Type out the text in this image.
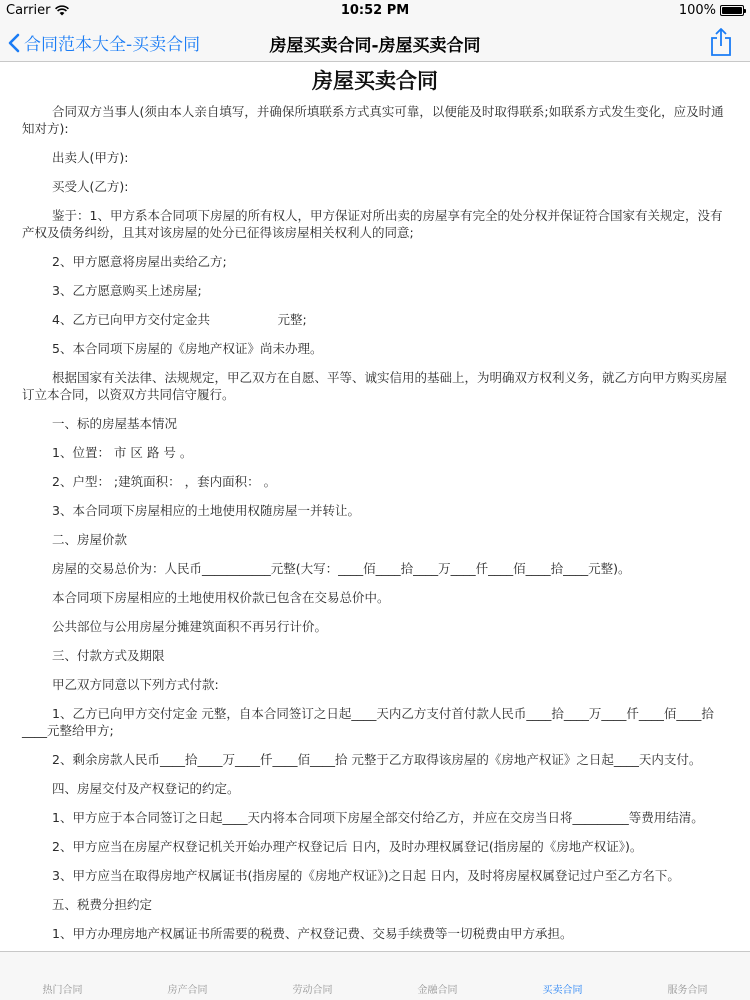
Carrier	10:52 PM	100%
合同范本大全-买卖合同	房屋买卖合同-房屋买卖合同
房屋买卖合同

合同双方当事人(须由本人亲自填写，并确保所填联系方式真实可靠，以便能及时取得联系;如联系方式发生变化，应及时通知对方):

出卖人(甲方):

买受人(乙方):

鉴于：1、甲方系本合同项下房屋的所有权人，甲方保证对所出卖的房屋享有完全的处分权并保证符合国家有关规定，没有产权及债务纠纷，且其对该房屋的处分已征得该房屋相关权利人的同意;

2、甲方愿意将房屋出卖给乙方;

3、乙方愿意购买上述房屋;

4、乙方已向甲方交付定金共                 元整;

5、本合同项下房屋的《房地产权证》尚未办理。

根据国家有关法律、法规规定，甲乙双方在自愿、平等、诚实信用的基础上，为明确双方权利义务，就乙方向甲方购买房屋订立本合同，以资双方共同信守履行。

一、标的房屋基本情况

1、位置： 市 区 路 号 。

2、户型： ;建筑面积： ，套内面积： 。

3、本合同项下房屋相应的土地使用权随房屋一并转让。

二、房屋价款

房屋的交易总价为：人民币___________元整(大写：____佰____拾____万____仟____佰____拾____元整)。

本合同项下房屋相应的土地使用权价款已包含在交易总价中。

公共部位与公用房屋分摊建筑面积不再另行计价。

三、付款方式及期限

甲乙双方同意以下列方式付款:

1、乙方已向甲方交付定金 元整，自本合同签订之日起____天内乙方支付首付款人民币____拾____万____仟____佰____拾____元整给甲方;

2、剩余房款人民币____拾____万____仟____佰____拾 元整于乙方取得该房屋的《房地产权证》之日起____天内支付。

四、房屋交付及产权登记的约定。

1、甲方应于本合同签订之日起____天内将本合同项下房屋全部交付给乙方，并应在交房当日将_________等费用结清。

2、甲方应当在房屋产权登记机关开始办理产权登记后 日内，及时办理权属登记(指房屋的《房地产权证》)。

3、甲方应当在取得房地产权属证书(指房屋的《房地产权证》)之日起 日内，及时将房屋权属登记过户至乙方名下。

五、税费分担约定

1、甲方办理房地产权属证书所需要的税费、产权登记费、交易手续费等一切税费由甲方承担。

热门合同	房产合同	劳动合同	金融合同	买卖合同	服务合同
